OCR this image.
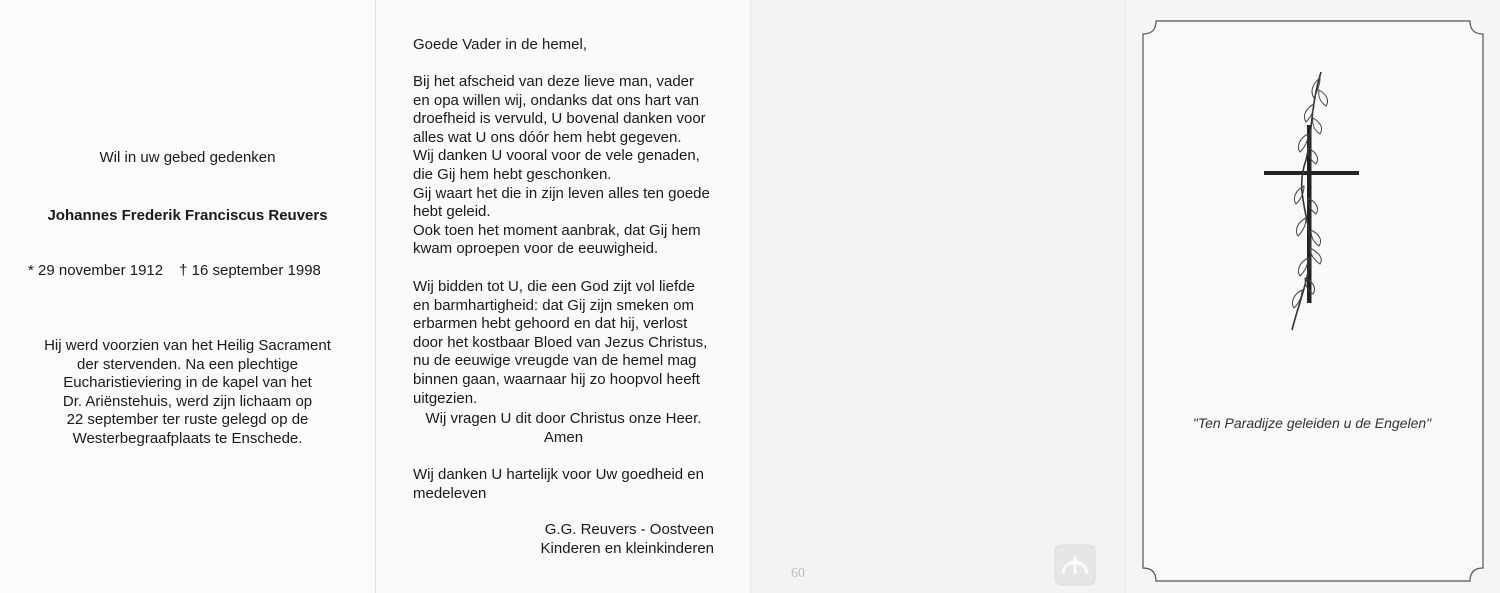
Wil in uw gebed gedenken
Johannes Frederik Franciscus Reuvers
* 29 november 1912 † 16 september 1998
Hij werd voorzien van het Heilig Sacrament
der stervenden. Na een plechtige
Eucharistieviering in de kapel van het
Dr. Ariënstehuis, werd zijn lichaam op
22 september ter ruste gelegd op de
Westerbegraafplaats te Enschede.
Goede Vader in de hemel,
Bij het afscheid van deze lieve man, vader
en opa willen wij, ondanks dat ons hart van
droefheid is vervuld, U bovenal danken voor
alles wat U ons dóór hem hebt gegeven.
Wij danken U vooral voor de vele genaden,
die Gij hem hebt geschonken.
Gij waart het die in zijn leven alles ten goede
hebt geleid.
Ook toen het moment aanbrak, dat Gij hem
kwam oproepen voor de eeuwigheid.
Wij bidden tot U, die een God zijt vol liefde
en barmhartigheid: dat Gij zijn smeken om
erbarmen hebt gehoord en dat hij, verlost
door het kostbaar Bloed van Jezus Christus,
nu de eeuwige vreugde van de hemel mag
binnen gaan, waarnaar hij zo hoopvol heeft
uitgezien.
Wij vragen U dit door Christus onze Heer.
Amen
Wij danken U hartelijk voor Uw goedheid en
medeleven
G.G. Reuvers - Oostveen
Kinderen en kleinkinderen
60
"Ten Paradijze geleiden u de Engelen"
